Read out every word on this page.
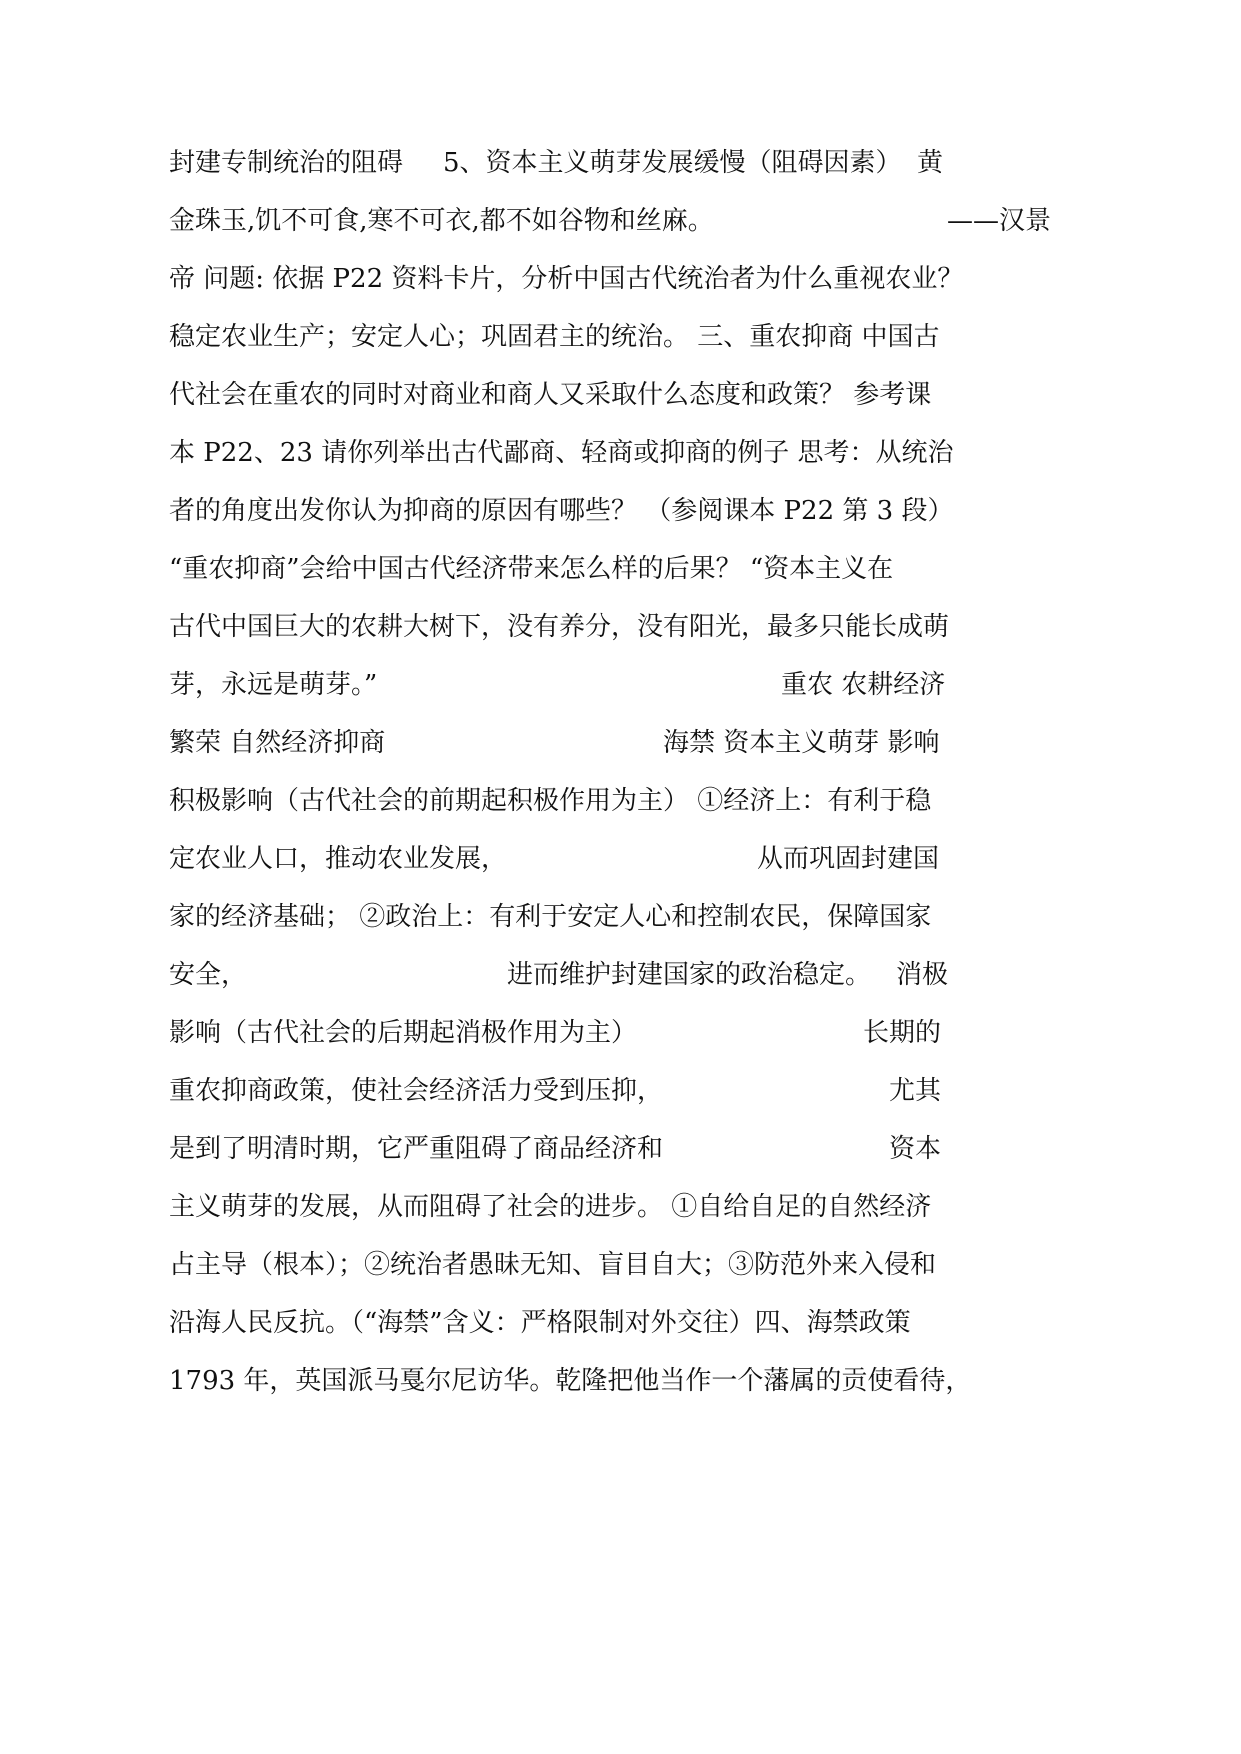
封建专制统治的阻碍 5、资本主义萌芽发展缓慢（阻碍因素） 黄
金珠玉,饥不可食,寒不可衣,都不如谷物和丝麻。	——汉景
帝 问题: 依据 P22 资料卡片，分析中国古代统治者为什么重视农业？
稳定农业生产；安定人心；巩固君主的统治。 三、重农抑商 中国古
代社会在重农的同时对商业和商人又采取什么态度和政策？ 参考课
本 P22、23 请你列举出古代鄙商、轻商或抑商的例子 思考：从统治
者的角度出发你认为抑商的原因有哪些？ （参阅课本 P22 第 3 段）
“重农抑商”会给中国古代经济带来怎么样的后果？ “资本主义在
古代中国巨大的农耕大树下，没有养分，没有阳光，最多只能长成萌
芽，永远是萌芽。”	重农 农耕经济
繁荣 自然经济抑商	海禁 资本主义萌芽 影响
积极影响（古代社会的前期起积极作用为主） ①经济上：有利于稳
定农业人口，推动农业发展，	从而巩固封建国
家的经济基础； ②政治上：有利于安定人心和控制农民，保障国家
安全，	进而维护封建国家的政治稳定。 消极
影响（古代社会的后期起消极作用为主）	长期的
重农抑商政策，使社会经济活力受到压抑，	尤其
是到了明清时期，它严重阻碍了商品经济和	资本
主义萌芽的发展，从而阻碍了社会的进步。 ①自给自足的自然经济
占主导（根本）；②统治者愚昧无知、盲目自大；③防范外来入侵和
沿海人民反抗。（“海禁”含义：严格限制对外交往）四、海禁政策
1793 年，英国派马戛尔尼访华。乾隆把他当作一个藩属的贡使看待，
